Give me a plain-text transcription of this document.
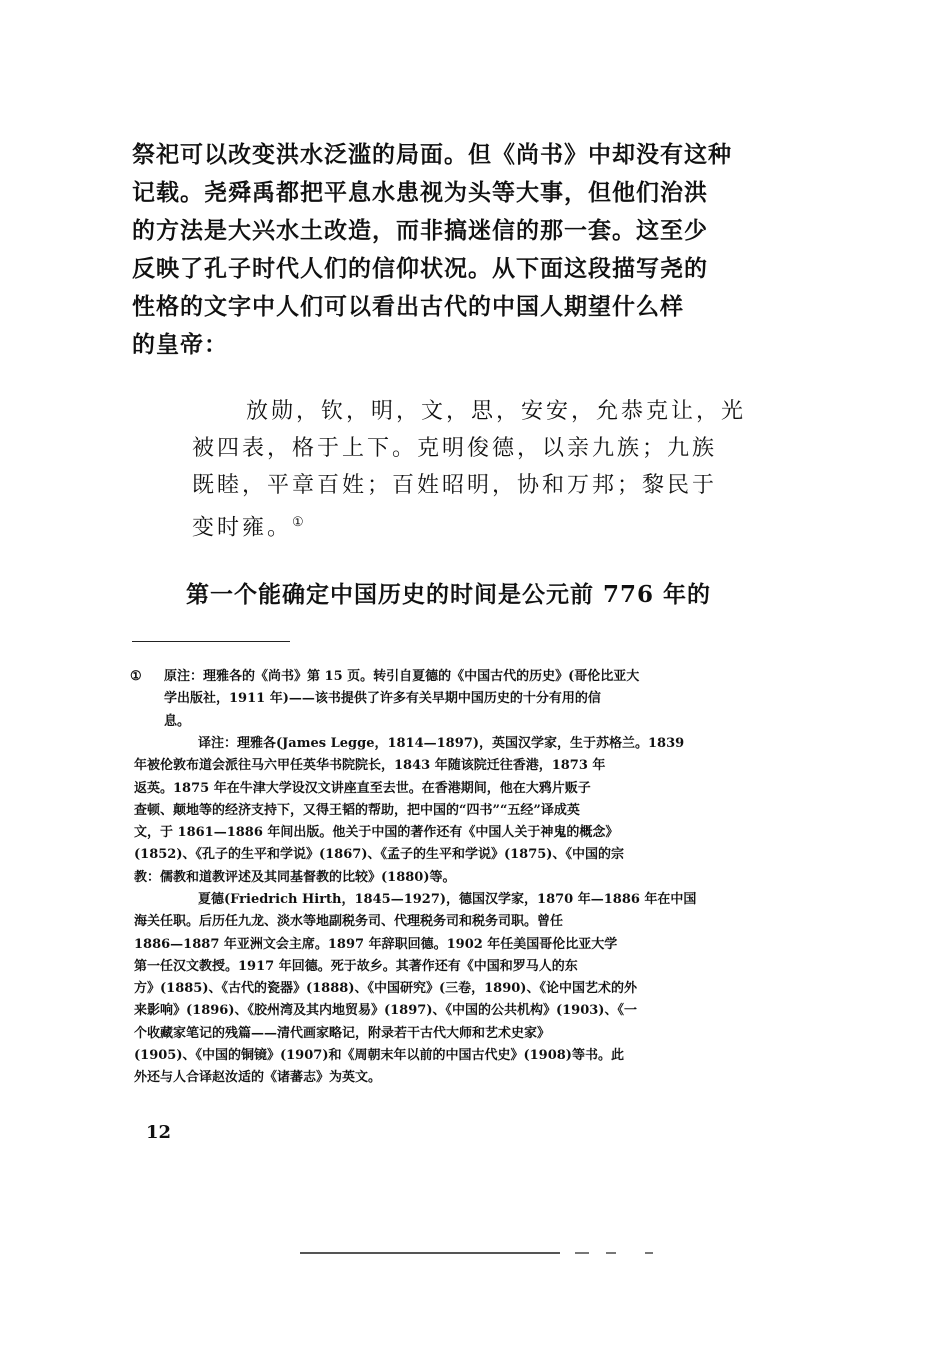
祭祀可以改变洪水泛滥的局面。但《尚书》中却没有这种
记载。尧舜禹都把平息水患视为头等大事，但他们治洪
的方法是大兴水土改造，而非搞迷信的那一套。这至少
反映了孔子时代人们的信仰状况。从下面这段描写尧的
性格的文字中人们可以看出古代的中国人期望什么样
的皇帝：
放勋，钦，明，文，思，安安，允恭克让，光
被四表，格于上下。克明俊德，以亲九族；九族
既睦，平章百姓；百姓昭明，协和万邦；黎民于
变时雍。①
第一个能确定中国历史的时间是公元前 776 年的
① 原注：理雅各的《尚书》第 15 页。转引自夏德的《中国古代的历史》(哥伦比亚大
学出版社，1911 年)——该书提供了许多有关早期中国历史的十分有用的信
息。
译注：理雅各(James Legge，1814—1897)，英国汉学家，生于苏格兰。1839
年被伦敦布道会派往马六甲任英华书院院长，1843 年随该院迁往香港，1873 年
返英。1875 年在牛津大学设汉文讲座直至去世。在香港期间，他在大鸦片贩子
查顿、颠地等的经济支持下，又得王韬的帮助，把中国的“四书”“五经”译成英
文，于 1861—1886 年间出版。他关于中国的著作还有《中国人关于神鬼的概念》
(1852)、《孔子的生平和学说》(1867)、《孟子的生平和学说》(1875)、《中国的宗
教：儒教和道教评述及其同基督教的比较》(1880)等。
夏德(Friedrich Hirth，1845—1927)，德国汉学家，1870 年—1886 年在中国
海关任职。后历任九龙、淡水等地副税务司、代理税务司和税务司职。曾任
1886—1887 年亚洲文会主席。1897 年辞职回德。1902 年任美国哥伦比亚大学
第一任汉文教授。1917 年回德。死于故乡。其著作还有《中国和罗马人的东
方》(1885)、《古代的瓷器》(1888)、《中国研究》(三卷，1890)、《论中国艺术的外
来影响》(1896)、《胶州湾及其内地贸易》(1897)、《中国的公共机构》(1903)、《一
个收藏家笔记的残篇——清代画家略记，附录若干古代大师和艺术史家》
(1905)、《中国的铜镜》(1907)和《周朝末年以前的中国古代史》(1908)等书。此
外还与人合译赵汝适的《诸蕃志》为英文。
12
